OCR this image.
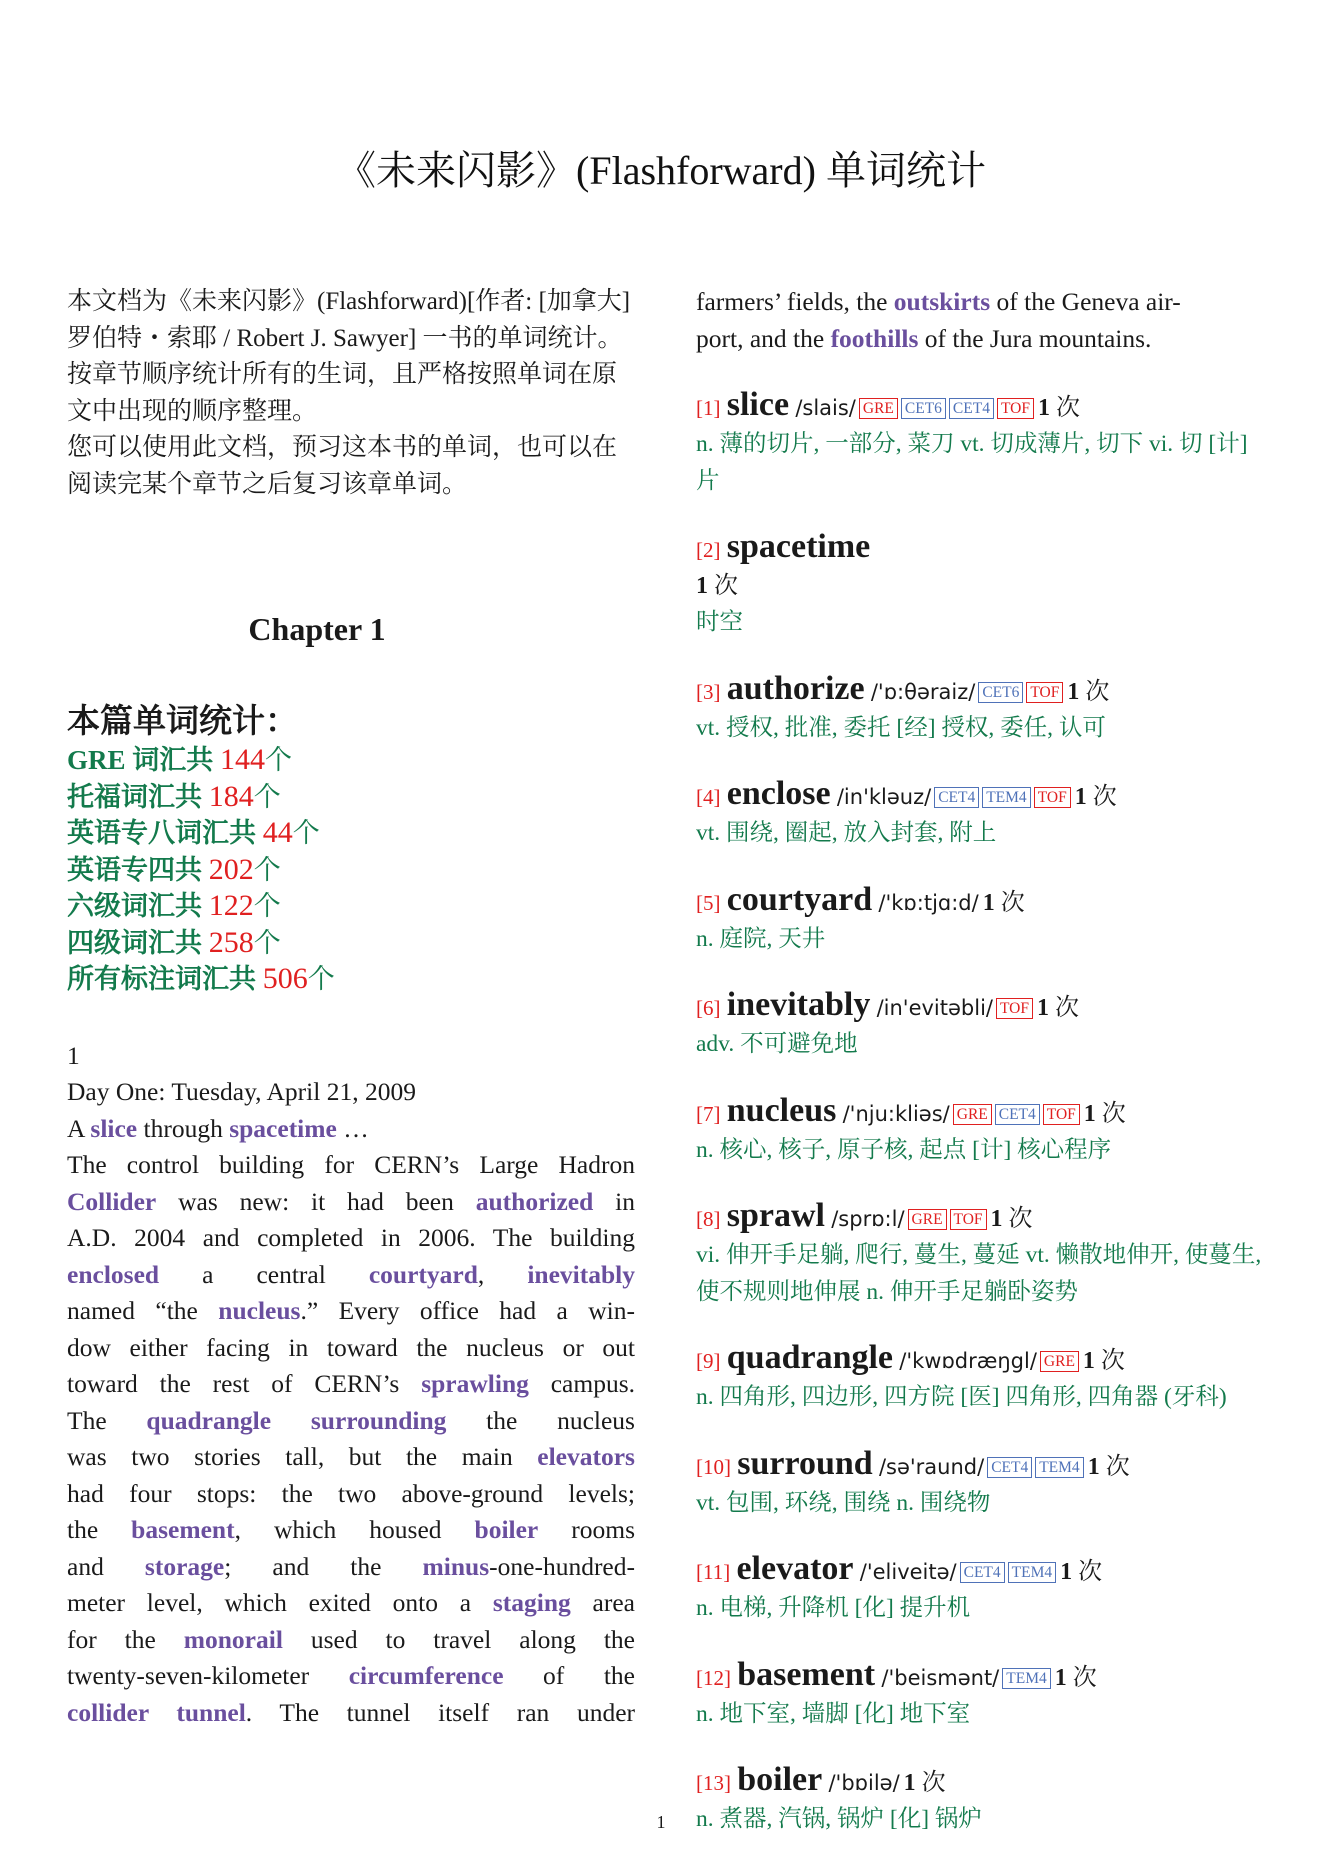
《未来闪影》(Flashforward) 单词统计

本文档为《未来闪影》(Flashforward)[作者: [加拿大] 罗伯特・索耶 / Robert J. Sawyer] 一书的单词统计。

按章节顺序统计所有的生词，且严格按照单词在原文中出现的顺序整理。

您可以使用此文档，预习这本书的单词，也可以在阅读完某个章节之后复习该章单词。

Chapter 1
本篇单词统计：
GRE 词汇共 144个
托福词汇共 184个
英语专八词汇共 44个
英语专四共 202个
六级词汇共 122个
四级词汇共 258个
所有标注词汇共 506个
1
Day One: Tuesday, April 21, 2009
A slice through spacetime …
The control building for CERN’s Large Hadron
Collider was new: it had been authorized in
A.D. 2004 and completed in 2006. The building
enclosed a central courtyard, inevitably
named “the nucleus.” Every office had a win-
dow either facing in toward the nucleus or out
toward the rest of CERN’s sprawling campus.
The quadrangle surrounding the nucleus
was two stories tall, but the main elevators
had four stops: the two above-ground levels;
the basement, which housed boiler rooms
and storage; and the minus-one-hundred-
meter level, which exited onto a staging area
for the monorail used to travel along the
twenty-seven-kilometer circumference of the
collider tunnel. The tunnel itself ran under
farmers’ fields, the outskirts of the Geneva air-
port, and the foothills of the Jura mountains.
[1] slice /slais/ GRE CET6 CET4 TOF 1 次
n. 薄的切片, 一部分, 菜刀 vt. 切成薄片, 切下 vi. 切 [计] 片
[2] spacetime
1 次
时空
[3] authorize /'ɒ:θəraiz/ CET6 TOF 1 次
vt. 授权, 批准, 委托 [经] 授权, 委任, 认可
[4] enclose /in'kləuz/ CET4 TEM4 TOF 1 次
vt. 围绕, 圈起, 放入封套, 附上
[5] courtyard /'kɒ:tjɑ:d/ 1 次
n. 庭院, 天井
[6] inevitably /in'evitəbli/ TOF 1 次
adv. 不可避免地
[7] nucleus /'nju:kliəs/ GRE CET4 TOF 1 次
n. 核心, 核子, 原子核, 起点 [计] 核心程序
[8] sprawl /sprɒ:l/ GRE TOF 1 次
vi. 伸开手足躺, 爬行, 蔓生, 蔓延 vt. 懒散地伸开, 使蔓生, 使不规则地伸展 n. 伸开手足躺卧姿势
[9] quadrangle /'kwɒdræŋgl/ GRE 1 次
n. 四角形, 四边形, 四方院 [医] 四角形, 四角器 (牙科)
[10] surround /sə'raund/ CET4 TEM4 1 次
vt. 包围, 环绕, 围绕 n. 围绕物
[11] elevator /'eliveitə/ CET4 TEM4 1 次
n. 电梯, 升降机 [化] 提升机
[12] basement /'beismənt/ TEM4 1 次
n. 地下室, 墙脚 [化] 地下室
[13] boiler /'bɒilə/ 1 次
n. 煮器, 汽锅, 锅炉 [化] 锅炉
1
